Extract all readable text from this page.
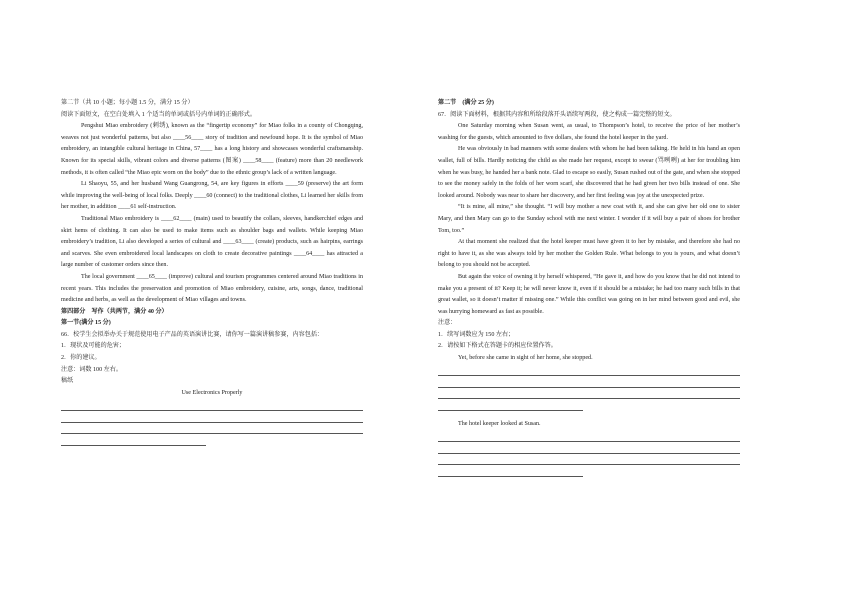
第二节（共 10 小题；每小题 1.5 分，满分 15 分）

阅读下面短文，在空白处填入 1 个适当的单词或括号内单词的正确形式。

Pengshui Miao embroidery (刺绣), known as the “fingertip economy” for Miao folks in a county of Chongqing, weaves not just wonderful patterns, but also ____56____ story of tradition and newfound hope. It is the symbol of Miao embroidery, an intangible cultural heritage in China, 57____ has a long history and showcases wonderful craftsmanship. Known for its special skills, vibrant colors and diverse patterns (图案) ____58____ (feature) more than 20 needlework methods, it is often called “the Miao epic worn on the body” due to the ethnic group’s lack of a written language.

Li Shaoyu, 55, and her husband Wang Guangrong, 54, are key figures in efforts ____59 (preserve) the art form while improving the well-being of local folks. Deeply ____60 (connect) to the traditional clothes, Li learned her skills from her mother, in addition ____61 self-instruction.

Traditional Miao embroidery is ____62____ (main) used to beautify the collars, sleeves, handkerchief edges and skirt hems of clothing. It can also be used to make items such as shoulder bags and wallets. While keeping Miao embroidery’s tradition, Li also developed a series of cultural and ____63____ (create) products, such as hairpins, earrings and scarves. She even embroidered local landscapes on cloth to create decorative paintings ____64____ has attracted a large number of customer orders since then.

The local government ____65____ (improve) cultural and tourism programmes centered around Miao traditions in recent years. This includes the preservation and promotion of Miao embroidery, cuisine, arts, songs, dance, traditional medicine and herbs, as well as the development of Miao villages and towns.

第四部分　写作（共两节，满分 40 分）

第一节(满分 15 分)

66．校学生会拟举办关于规范使用电子产品的英语演讲比赛，请你写一篇演讲稿参赛，内容包括：

1．现状及可能的危害；

2．你的建议。

注意：词数 100 左右。

稿纸

Use Electronics Properly

第二节　(满分 25 分)

67．阅读下面材料，根据其内容和所给段落开头语续写两段，使之构成一篇完整的短文。

One Saturday morning when Susan went, as usual, to Thompson’s hotel, to receive the price of her mother’s washing for the guests, which amounted to five dollars, she found the hotel keeper in the yard.

He was obviously in bad manners with some dealers with whom he had been talking. He held in his hand an open wallet, full of bills. Hardly noticing the child as she made her request, except to swear (骂咧咧) at her for troubling him when he was busy, he handed her a bank note. Glad to escape so easily, Susan rushed out of the gate, and when she stopped to see the money safely in the folds of her worn scarf, she discovered that he had given her two bills instead of one. She looked around. Nobody was near to share her discovery, and her first feeling was joy at the unexpected prize.

“It is mine, all mine,” she thought. “I will buy mother a new coat with it, and she can give her old one to sister Mary, and then Mary can go to the Sunday school with me next winter. I wonder if it will buy a pair of shoes for brother Tom, too.”

At that moment she realized that the hotel keeper must have given it to her by mistake, and therefore she had no right to have it, as she was always told by her mother the Golden Rule. What belongs to you is yours, and what doesn’t belong to you should not be accepted.

But again the voice of owning it by herself whispered, “He gave it, and how do you know that he did not intend to make you a present of it? Keep it; he will never know it, even if it should be a mistake; he had too many such bills in that great wallet, so it doesn’t matter if missing one.” While this conflict was going on in her mind between good and evil, she was hurrying homeward as fast as possible.

注意：

1．续写词数应为 150 左右；

2．请按如下格式在答题卡的相应位置作答。

Yet, before she came in sight of her home, she stopped.

The hotel keeper looked at Susan.
